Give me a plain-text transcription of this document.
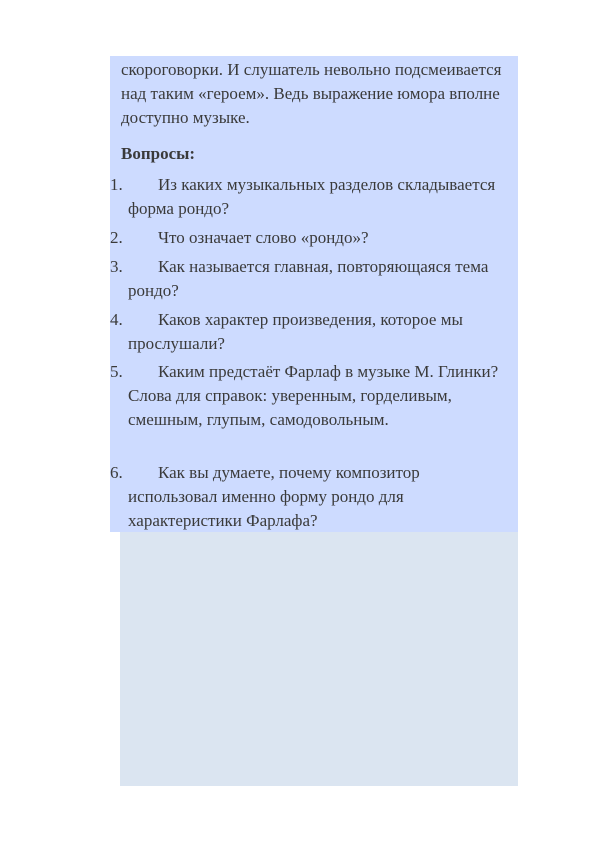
скороговорки. И слушатель невольно подсмеивается над таким «героем». Ведь выражение юмора вполне доступно музыке.

Вопросы:

1.	Из каких музыкальных разделов складывается форма рондо?

2.	Что означает слово «рондо»?

3.	Как называется главная, повторяющаяся тема рондо?

4.	Каков характер произведения, которое мы прослушали?

5.	Каким предстаёт Фарлаф в музыке М. Глинки? Слова для справок: уверенным, горделивым, смешным, глупым, самодовольным.

6.	Как вы думаете, почему композитор использовал именно форму рондо для характеристики Фарлафа?
